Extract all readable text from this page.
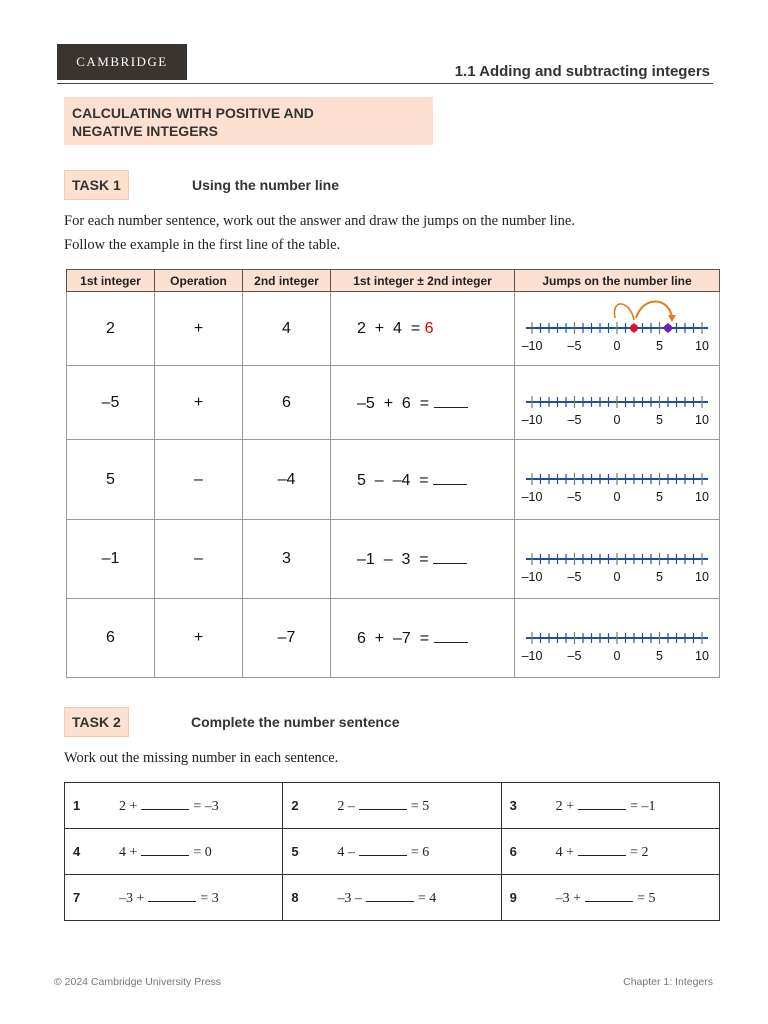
CAMBRIDGE
1.1 Adding and subtracting integers
CALCULATING WITH POSITIVE AND
NEGATIVE INTEGERS
TASK 1	Using the number line
For each number sentence, work out the answer and draw the jumps on the number line.
Follow the example in the first line of the table.
1st integer	Operation	2nd integer	1st integer ± 2nd integer	Jumps on the number line
2	+	4	2  +  4  = 6	–10 –5 0 5 10

–5	+	6	–5  +  6  =	–10 –5 0 5 10

5	–	–4	5  –  –4  =	–10 –5 0 5 10

–1	–	3	–1  –  3  =	–10 –5 0 5 10

6	+	–7	6  +  –7  =	–10 –5 0 5 10
TASK 2	Complete the number sentence
Work out the missing number in each sentence.
1 2 + = –3	2 2 – = 5	3 2 + = –1
4 4 + = 0	5 4 – = 6	6 4 + = 2
7 –3 + = 3	8 –3 – = 4	9 –3 + = 5
© 2024 Cambridge University Press	Chapter 1: Integers
